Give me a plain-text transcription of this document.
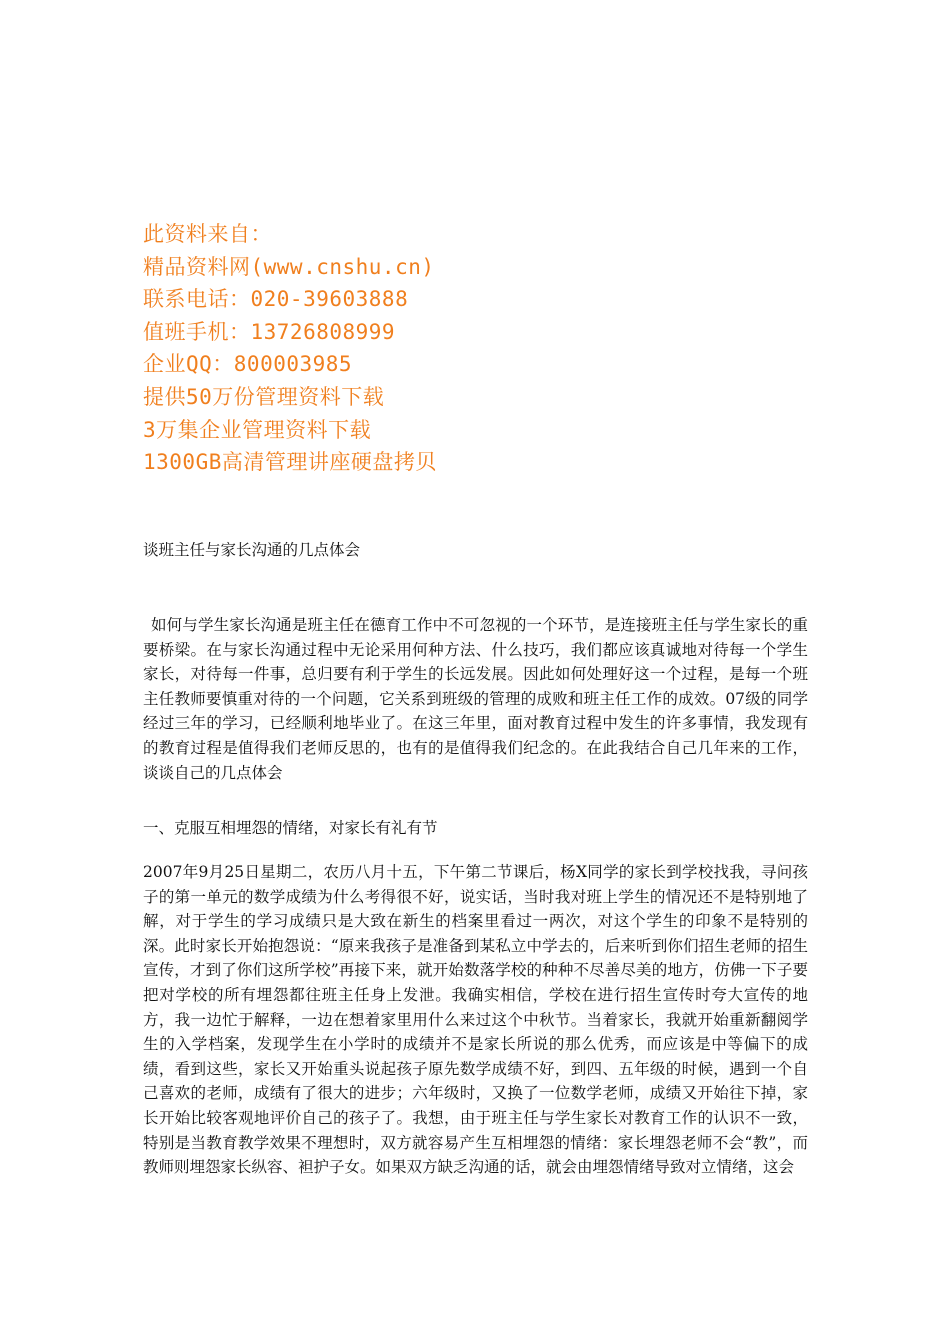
此资料来自：
精品资料网(www.cnshu.cn)
联系电话：020-39603888
值班手机：13726808999
企业QQ：800003985
提供50万份管理资料下载
3万集企业管理资料下载
1300GB高清管理讲座硬盘拷贝

谈班主任与家长沟通的几点体会

如何与学生家长沟通是班主任在德育工作中不可忽视的一个环节，是连接班主任与学生家长的重要桥梁。在与家长沟通过程中无论采用何种方法、什么技巧，我们都应该真诚地对待每一个学生家长，对待每一件事，总归要有利于学生的长远发展。因此如何处理好这一个过程，是每一个班主任教师要慎重对待的一个问题，它关系到班级的管理的成败和班主任工作的成效。07级的同学经过三年的学习，已经顺利地毕业了。在这三年里，面对教育过程中发生的许多事情，我发现有的教育过程是值得我们老师反思的，也有的是值得我们纪念的。在此我结合自己几年来的工作，谈谈自己的几点体会

一、克服互相埋怨的情绪，对家长有礼有节

2007年9月25日星期二，农历八月十五，下午第二节课后，杨X同学的家长到学校找我，寻问孩子的第一单元的数学成绩为什么考得很不好，说实话，当时我对班上学生的情况还不是特别地了解，对于学生的学习成绩只是大致在新生的档案里看过一两次，对这个学生的印象不是特别的深。此时家长开始抱怨说：“原来我孩子是准备到某私立中学去的，后来听到你们招生老师的招生宣传，才到了你们这所学校”再接下来，就开始数落学校的种种不尽善尽美的地方，仿佛一下子要把对学校的所有埋怨都往班主任身上发泄。我确实相信，学校在进行招生宣传时夸大宣传的地方，我一边忙于解释，一边在想着家里用什么来过这个中秋节。当着家长，我就开始重新翻阅学生的入学档案，发现学生在小学时的成绩并不是家长所说的那么优秀，而应该是中等偏下的成绩，看到这些，家长又开始重头说起孩子原先数学成绩不好，到四、五年级的时候，遇到一个自己喜欢的老师，成绩有了很大的进步；六年级时，又换了一位数学老师，成绩又开始往下掉，家长开始比较客观地评价自己的孩子了。我想，由于班主任与学生家长对教育工作的认识不一致，特别是当教育教学效果不理想时，双方就容易产生互相埋怨的情绪：家长埋怨老师不会“教”，而教师则埋怨家长纵容、袒护子女。如果双方缺乏沟通的话，就会由埋怨情绪导致对立情绪，这会
